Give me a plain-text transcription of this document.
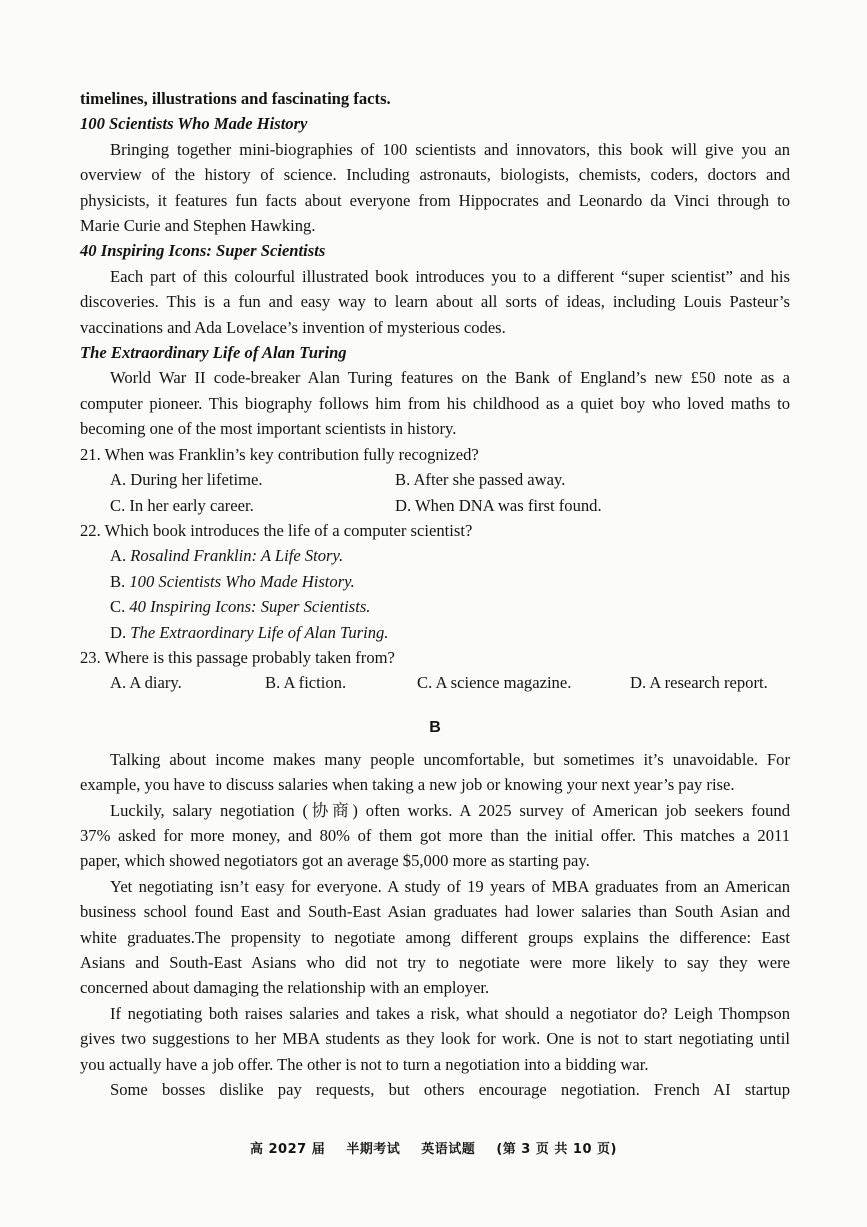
timelines, illustrations and fascinating facts.
100 Scientists Who Made History
Bringing together mini-biographies of 100 scientists and innovators, this book will give you an
overview of the history of science. Including astronauts, biologists, chemists, coders, doctors and
physicists, it features fun facts about everyone from Hippocrates and Leonardo da Vinci through to
Marie Curie and Stephen Hawking.
40 Inspiring Icons: Super Scientists
Each part of this colourful illustrated book introduces you to a different “super scientist” and his
discoveries. This is a fun and easy way to learn about all sorts of ideas, including Louis Pasteur’s
vaccinations and Ada Lovelace’s invention of mysterious codes.
The Extraordinary Life of Alan Turing
World War II code-breaker Alan Turing features on the Bank of England’s new £50 note as a
computer pioneer. This biography follows him from his childhood as a quiet boy who loved maths to
becoming one of the most important scientists in history.
21. When was Franklin’s key contribution fully recognized?
A. During her lifetime.	B. After she passed away.
C. In her early career.	D. When DNA was first found.
22. Which book introduces the life of a computer scientist?
A. Rosalind Franklin: A Life Story.
B. 100 Scientists Who Made History.
C. 40 Inspiring Icons: Super Scientists.
D. The Extraordinary Life of Alan Turing.
23. Where is this passage probably taken from?
A. A diary.	B. A fiction.	C. A science magazine.	D. A research report.
B
Talking about income makes many people uncomfortable, but sometimes it’s unavoidable. For
example, you have to discuss salaries when taking a new job or knowing your next year’s pay rise.
Luckily, salary negotiation (协商) often works. A 2025 survey of American job seekers found
37% asked for more money, and 80% of them got more than the initial offer. This matches a 2011
paper, which showed negotiators got an average $5,000 more as starting pay.
Yet negotiating isn’t easy for everyone. A study of 19 years of MBA graduates from an American
business school found East and South-East Asian graduates had lower salaries than South Asian and
white graduates.The propensity to negotiate among different groups explains the difference: East
Asians and South-East Asians who did not try to negotiate were more likely to say they were
concerned about damaging the relationship with an employer.
If negotiating both raises salaries and takes a risk, what should a negotiator do? Leigh Thompson
gives two suggestions to her MBA students as they look for work. One is not to start negotiating until
you actually have a job offer. The other is not to turn a negotiation into a bidding war.
Some bosses dislike pay requests, but others encourage negotiation. French AI startup
高 2027 届 半期考试 英语试题 (第 3 页 共 10 页)
